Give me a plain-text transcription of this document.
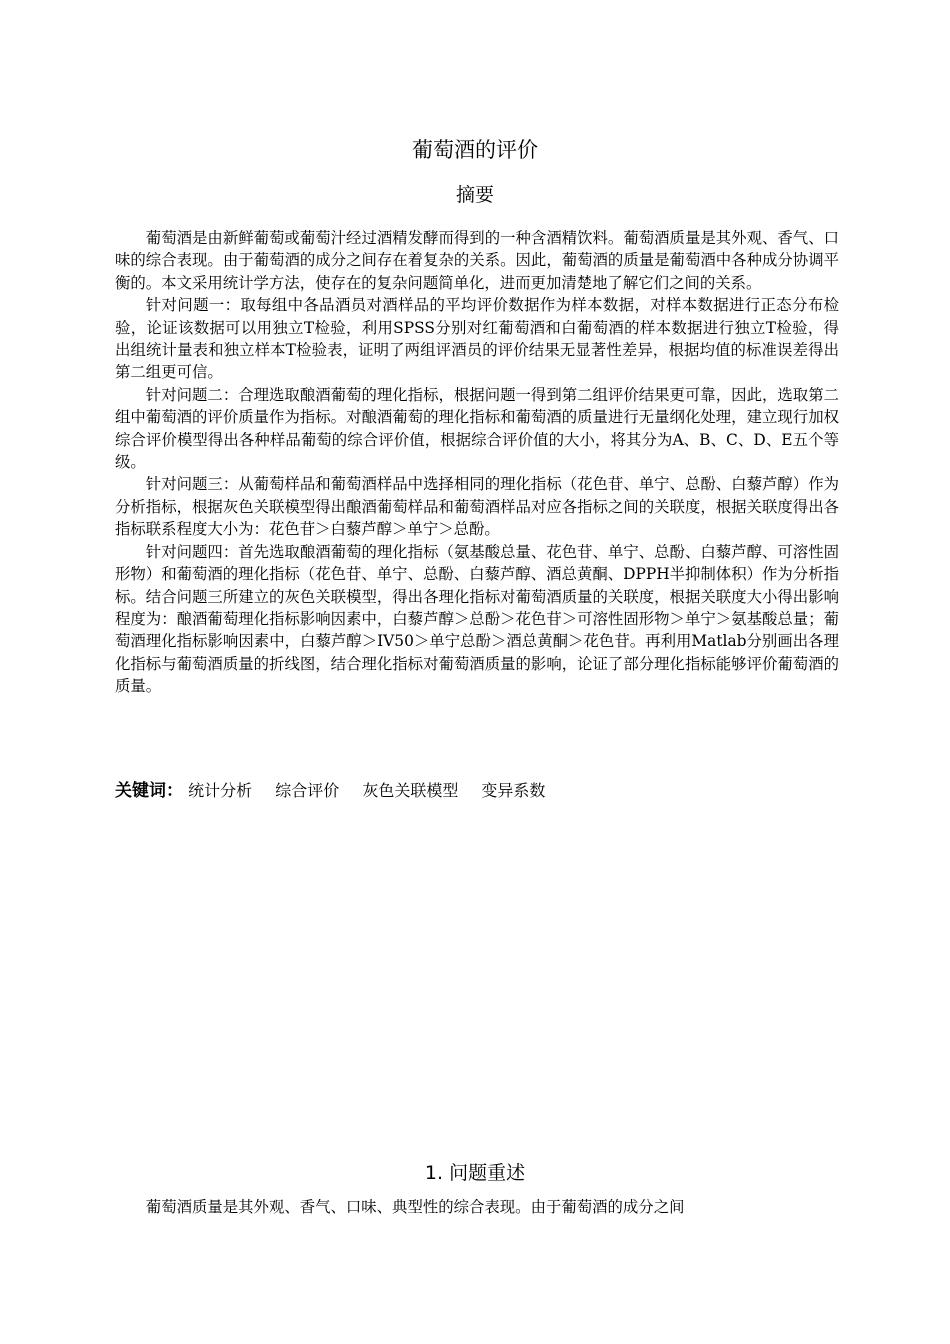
葡萄酒的评价
摘要

葡萄酒是由新鲜葡萄或葡萄汁经过酒精发酵而得到的一种含酒精饮料。葡萄酒质量是其外观、香气、口味的综合表现。由于葡萄酒的成分之间存在着复杂的关系。因此，葡萄酒的质量是葡萄酒中各种成分协调平衡的。本文采用统计学方法，使存在的复杂问题简单化，进而更加清楚地了解它们之间的关系。

针对问题一：取每组中各品酒员对酒样品的平均评价数据作为样本数据，对样本数据进行正态分布检验，论证该数据可以用独立T检验，利用SPSS分别对红葡萄酒和白葡萄酒的样本数据进行独立T检验，得出组统计量表和独立样本T检验表，证明了两组评酒员的评价结果无显著性差异，根据均值的标准误差得出第二组更可信。

针对问题二：合理选取酿酒葡萄的理化指标，根据问题一得到第二组评价结果更可靠，因此，选取第二组中葡萄酒的评价质量作为指标。对酿酒葡萄的理化指标和葡萄酒的质量进行无量纲化处理，建立现行加权综合评价模型得出各种样品葡萄的综合评价值，根据综合评价值的大小，将其分为A、B、C、D、E五个等级。

针对问题三：从葡萄样品和葡萄酒样品中选择相同的理化指标（花色苷、单宁、总酚、白藜芦醇）作为分析指标，根据灰色关联模型得出酿酒葡萄样品和葡萄酒样品对应各指标之间的关联度，根据关联度得出各指标联系程度大小为：花色苷＞白藜芦醇＞单宁＞总酚。

针对问题四：首先选取酿酒葡萄的理化指标（氨基酸总量、花色苷、单宁、总酚、白藜芦醇、可溶性固形物）和葡萄酒的理化指标（花色苷、单宁、总酚、白藜芦醇、酒总黄酮、DPPH半抑制体积）作为分析指标。结合问题三所建立的灰色关联模型，得出各理化指标对葡萄酒质量的关联度，根据关联度大小得出影响程度为：酿酒葡萄理化指标影响因素中，白藜芦醇＞总酚＞花色苷＞可溶性固形物＞单宁＞氨基酸总量；葡萄酒理化指标影响因素中，白藜芦醇＞IV50＞单宁总酚＞酒总黄酮＞花色苷。再利用Matlab分别画出各理化指标与葡萄酒质量的折线图，结合理化指标对葡萄酒质量的影响，论证了部分理化指标能够评价葡萄酒的质量。

关键词： 统计分析 综合评价 灰色关联模型 变异系数
1. 问题重述
葡萄酒质量是其外观、香气、口味、典型性的综合表现。由于葡萄酒的成分之间
